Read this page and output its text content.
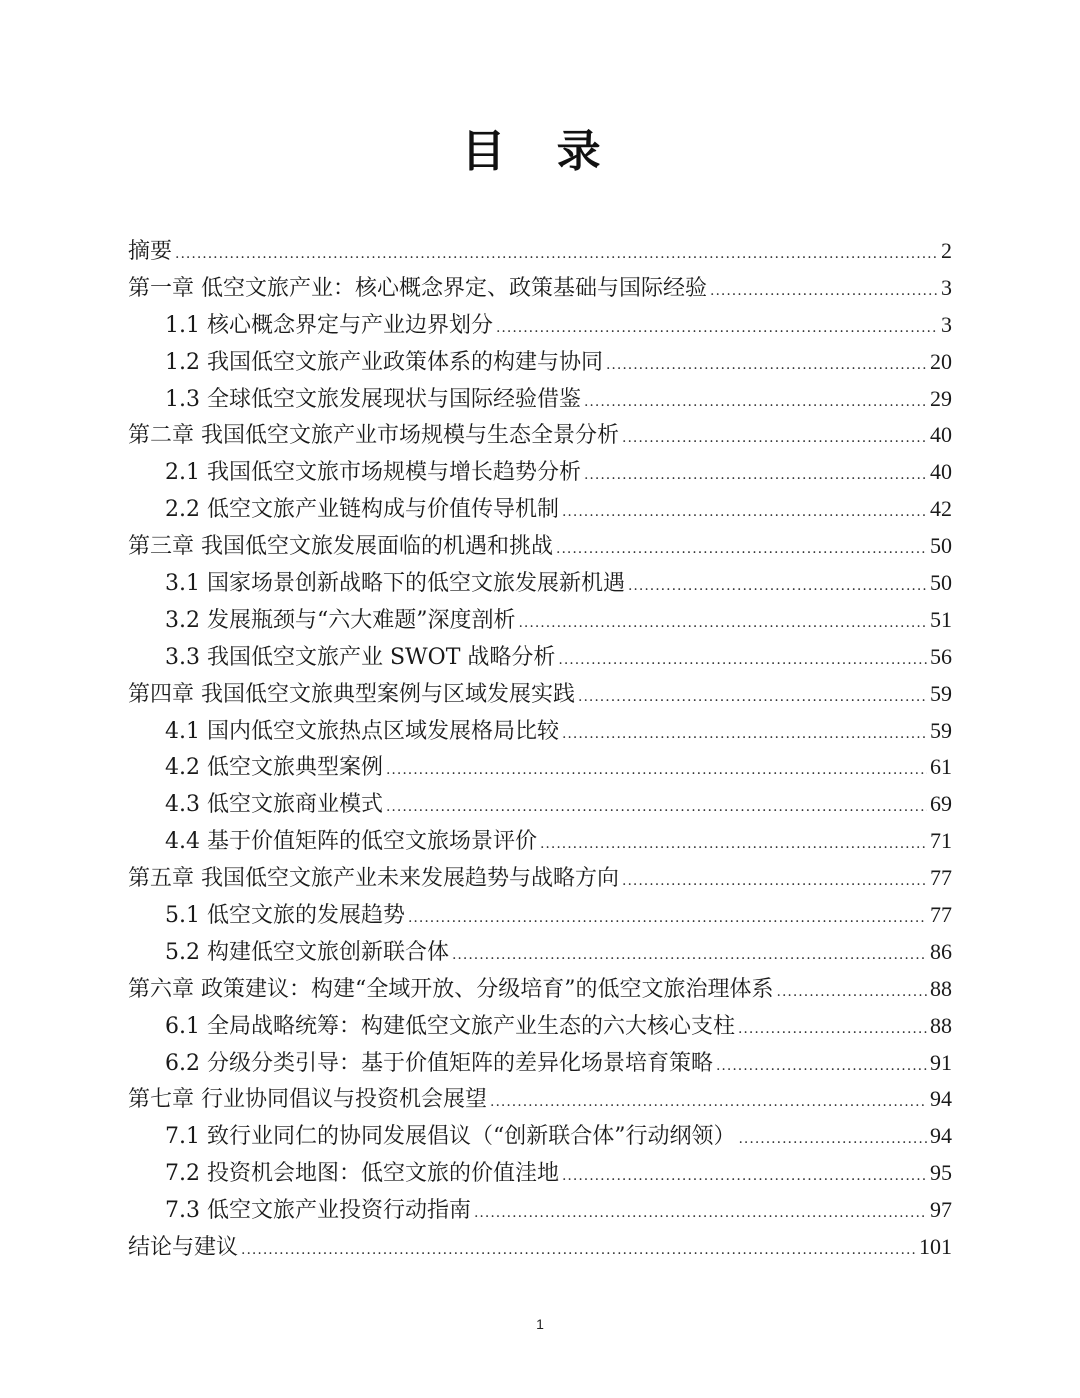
目 录
摘要 .....	2
第一章 低空文旅产业：核心概念界定、政策基础与国际经验 .....	3
1.1 核心概念界定与产业边界划分 .....	3
1.2 我国低空文旅产业政策体系的构建与协同 .....	20
1.3 全球低空文旅发展现状与国际经验借鉴 .....	29
第二章 我国低空文旅产业市场规模与生态全景分析 .....	40
2.1 我国低空文旅市场规模与增长趋势分析 .....	40
2.2 低空文旅产业链构成与价值传导机制 .....	42
第三章 我国低空文旅发展面临的机遇和挑战 .....	50
3.1 国家场景创新战略下的低空文旅发展新机遇 .....	50
3.2 发展瓶颈与“六大难题”深度剖析 .....	51
3.3 我国低空文旅产业 SWOT 战略分析 .....	56
第四章 我国低空文旅典型案例与区域发展实践 .....	59
4.1 国内低空文旅热点区域发展格局比较 .....	59
4.2 低空文旅典型案例 .....	61
4.3 低空文旅商业模式 .....	69
4.4 基于价值矩阵的低空文旅场景评价 .....	71
第五章 我国低空文旅产业未来发展趋势与战略方向 .....	77
5.1 低空文旅的发展趋势 .....	77
5.2 构建低空文旅创新联合体 .....	86
第六章 政策建议：构建“全域开放、分级培育”的低空文旅治理体系 .....	88
6.1 全局战略统筹：构建低空文旅产业生态的六大核心支柱 .....	88
6.2 分级分类引导：基于价值矩阵的差异化场景培育策略 .....	91
第七章 行业协同倡议与投资机会展望 .....	94
7.1 致行业同仁的协同发展倡议（“创新联合体”行动纲领） .....	94
7.2 投资机会地图：低空文旅的价值洼地 .....	95
7.3 低空文旅产业投资行动指南 .....	97
结论与建议 .....	101
1
